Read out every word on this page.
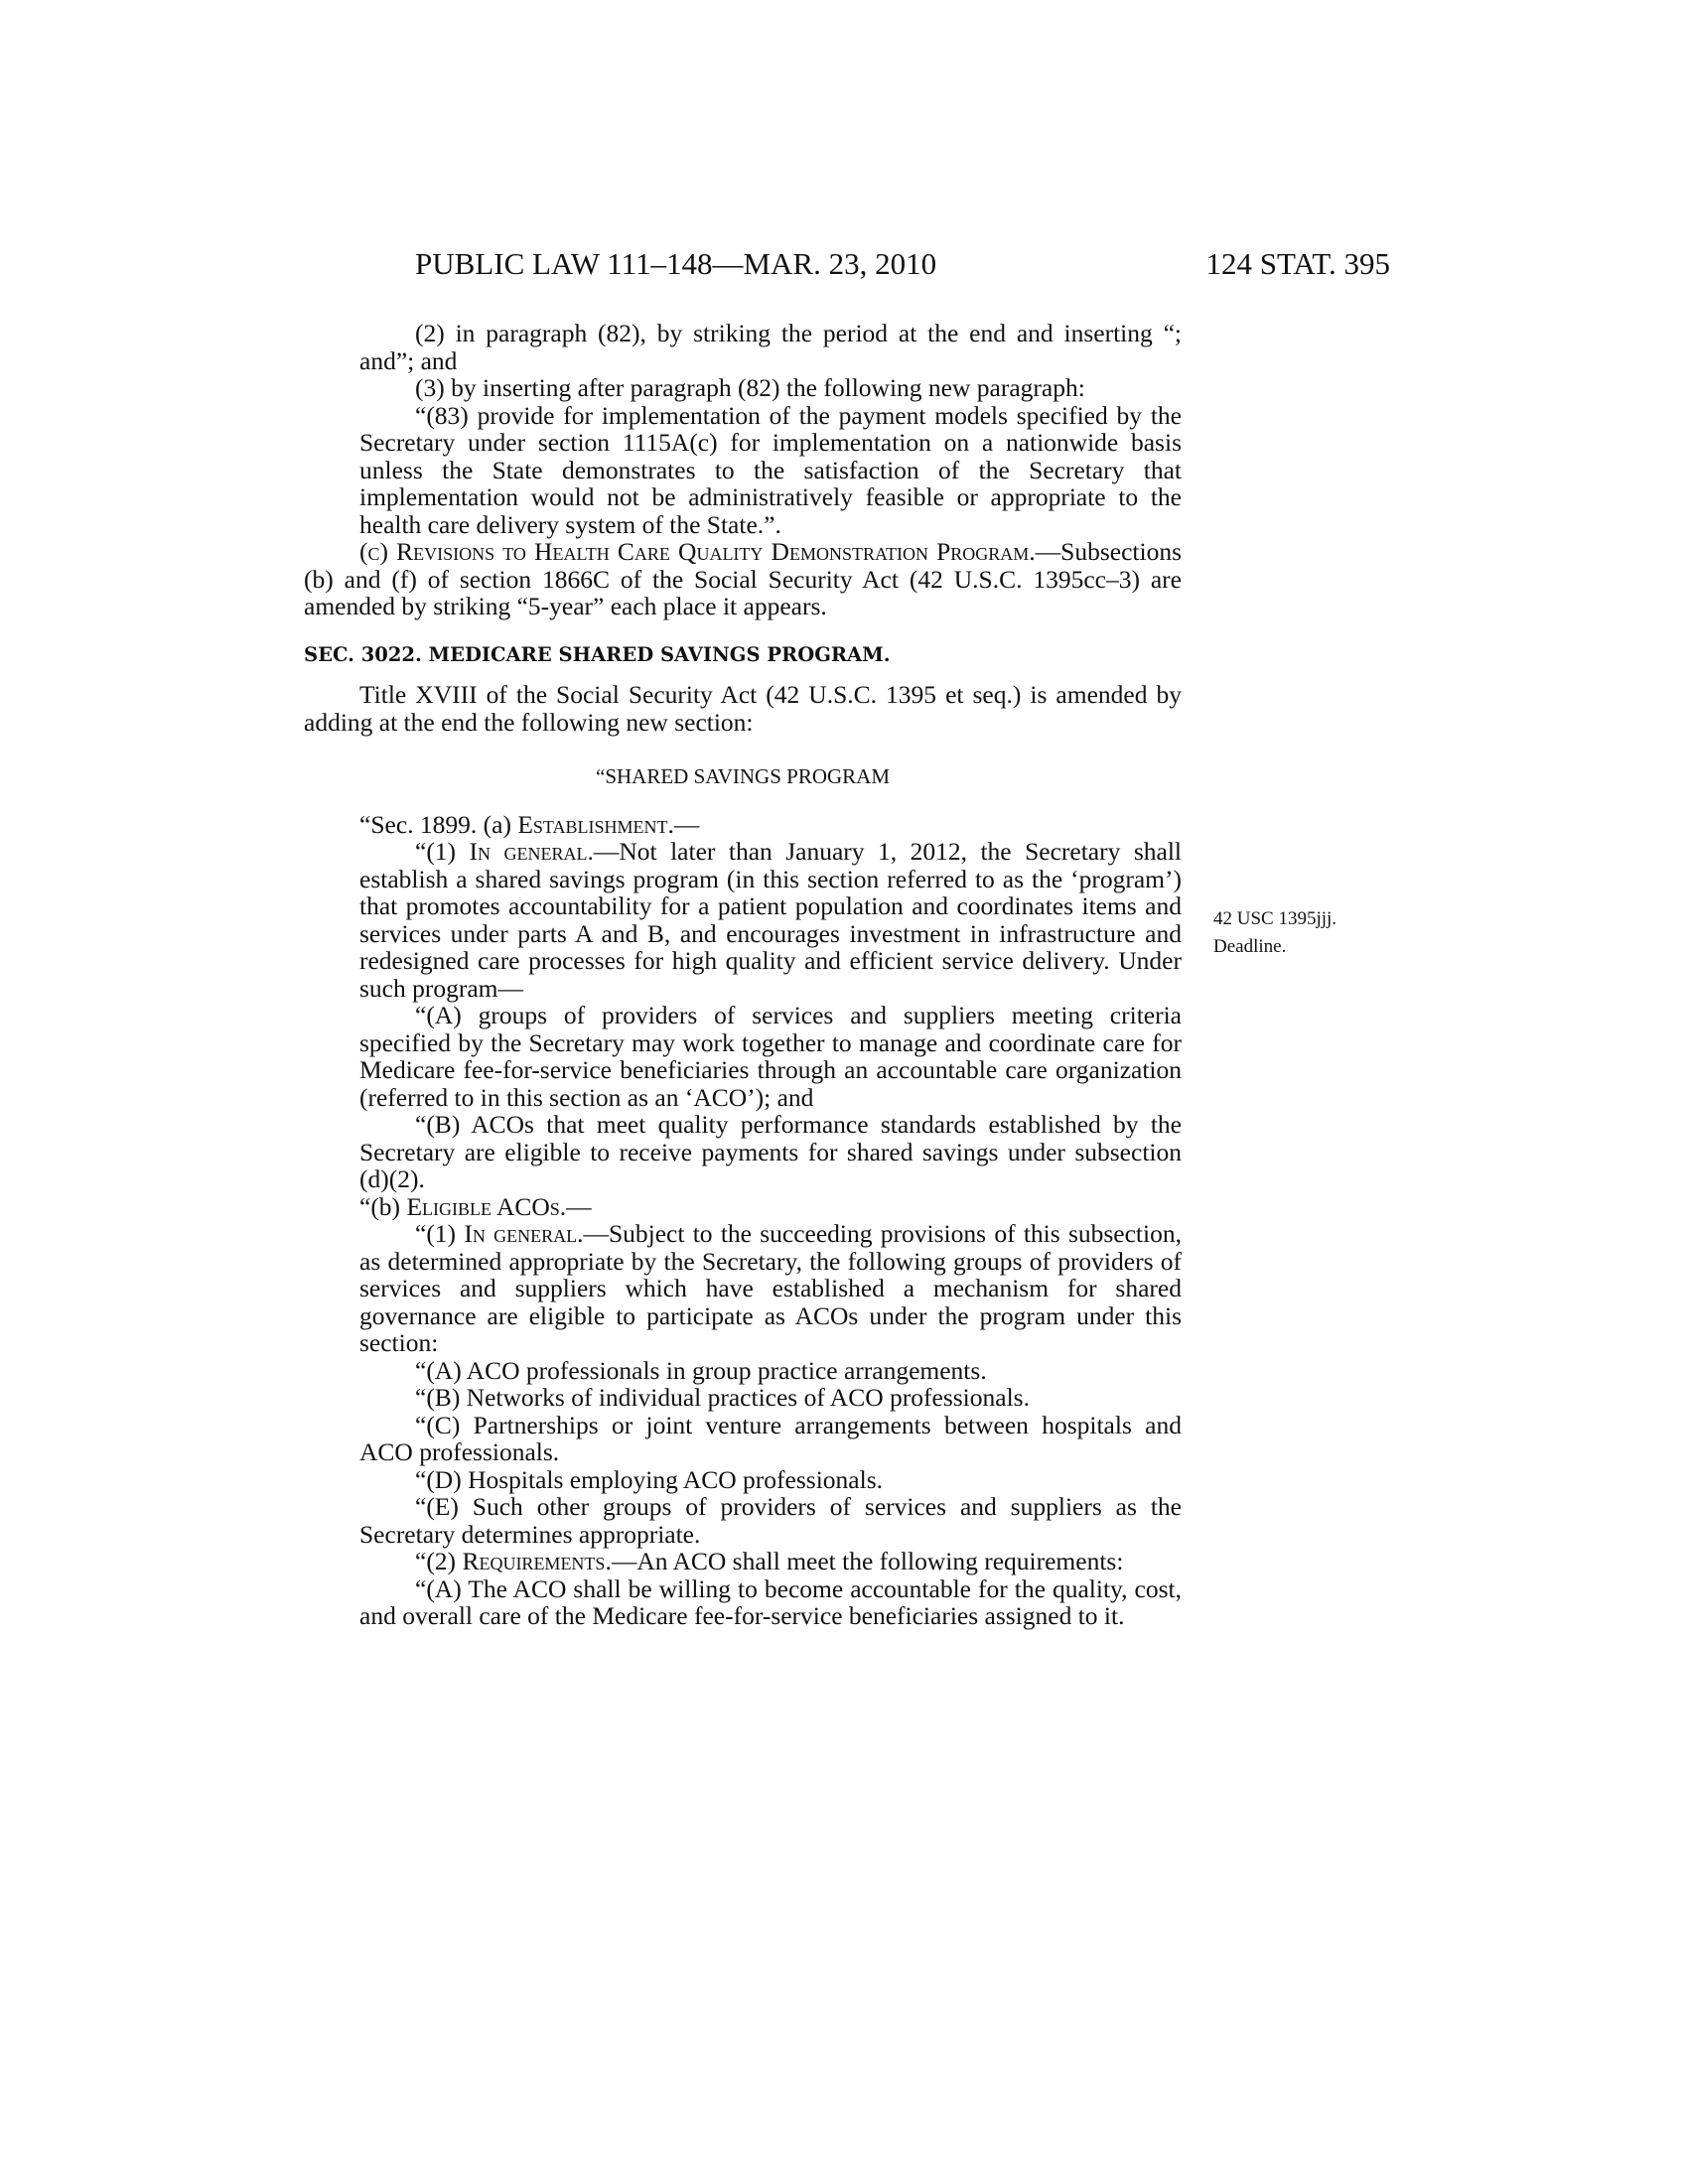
PUBLIC LAW 111–148—MAR. 23, 2010	124 STAT. 395
42 USC 1395jjj.
Deadline.

(2) in paragraph (82), by striking the period at the end and inserting “; and”; and

(3) by inserting after paragraph (82) the following new paragraph:

“(83) provide for implementation of the payment models specified by the Secretary under section 1115A(c) for implementation on a nationwide basis unless the State demonstrates to the satisfaction of the Secretary that implementation would not be administratively feasible or appropriate to the health care delivery system of the State.”.

(c) Revisions to Health Care Quality Demonstration Program.—Subsections (b) and (f) of section 1866C of the Social Security Act (42 U.S.C. 1395cc–3) are amended by striking “5-year” each place it appears.

SEC. 3022. MEDICARE SHARED SAVINGS PROGRAM.

Title XVIII of the Social Security Act (42 U.S.C. 1395 et seq.) is amended by adding at the end the following new section:

“SHARED SAVINGS PROGRAM

“Sec. 1899. (a) Establishment.—

“(1) In general.—Not later than January 1, 2012, the Secretary shall establish a shared savings program (in this section referred to as the ‘program’) that promotes accountability for a patient population and coordinates items and services under parts A and B, and encourages investment in infrastructure and redesigned care processes for high quality and efficient service delivery. Under such program—

“(A) groups of providers of services and suppliers meeting criteria specified by the Secretary may work together to manage and coordinate care for Medicare fee-for-service beneficiaries through an accountable care organization (referred to in this section as an ‘ACO’); and

“(B) ACOs that meet quality performance standards established by the Secretary are eligible to receive payments for shared savings under subsection (d)(2).

“(b) Eligible ACOs.—

“(1) In general.—Subject to the succeeding provisions of this subsection, as determined appropriate by the Secretary, the following groups of providers of services and suppliers which have established a mechanism for shared governance are eligible to participate as ACOs under the program under this section:

“(A) ACO professionals in group practice arrangements.

“(B) Networks of individual practices of ACO professionals.

“(C) Partnerships or joint venture arrangements between hospitals and ACO professionals.

“(D) Hospitals employing ACO professionals.

“(E) Such other groups of providers of services and suppliers as the Secretary determines appropriate.

“(2) Requirements.—An ACO shall meet the following requirements:

“(A) The ACO shall be willing to become accountable for the quality, cost, and overall care of the Medicare fee-for-service beneficiaries assigned to it.
